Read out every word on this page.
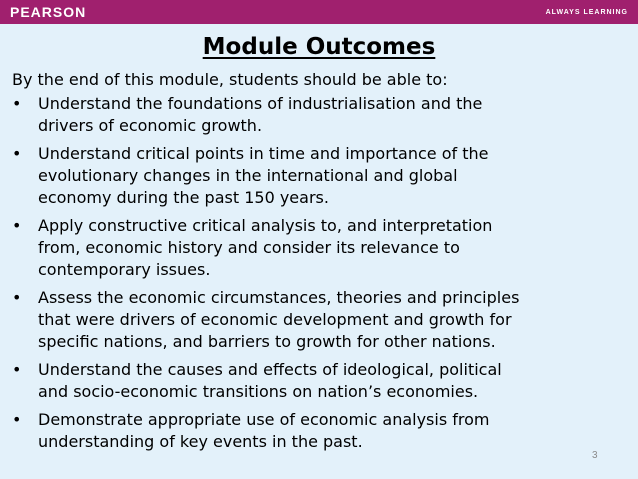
PEARSON	ALWAYS LEARNING
Module Outcomes
By the end of this module, students should be able to:
•	Understand the foundations of industrialisation and the
drivers of economic growth.
•	Understand critical points in time and importance of the
evolutionary changes in the international and global
economy during the past 150 years.
•	Apply constructive critical analysis to, and interpretation
from, economic history and consider its relevance to
contemporary issues.
•	Assess the economic circumstances, theories and principles
that were drivers of economic development and growth for
specific nations, and barriers to growth for other nations.
•	Understand the causes and effects of ideological, political
and socio-economic transitions on nation’s economies.
•	Demonstrate appropriate use of economic analysis from
understanding of key events in the past.
3
